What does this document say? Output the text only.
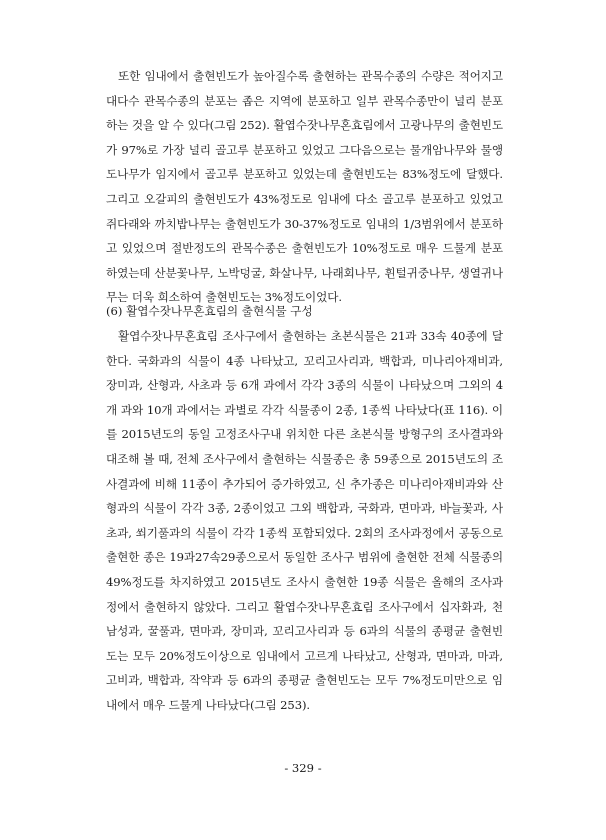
또한 임내에서 출현빈도가 높아질수록 출현하는 관목수종의 수량은 적어지고 대다수 관목수종의 분포는 좁은 지역에 분포하고 일부 관목수종만이 널리 분포하는 것을 알 수 있다(그림 252). 활엽수잣나무혼효림에서 고광나무의 출현빈도가 97%로 가장 널리 골고루 분포하고 있었고 그다음으로는 물개암나무와 물앵도나무가 임지에서 골고루 분포하고 있었는데 출현빈도는 83%정도에 달했다. 그리고 오갈피의 출현빈도가 43%정도로 임내에 다소 골고루 분포하고 있었고 쥐다래와 까치밥나무는 출현빈도가 30-37%정도로 임내의 1/3범위에서 분포하고 있었으며 절반정도의 관목수종은 출현빈도가 10%정도로 매우 드물게 분포하였는데 산분꽃나무, 노박덩굴, 화살나무, 나래회나무, 휜털귀중나무, 생열귀나무는 더욱 희소하여 출현빈도는 3%정도이었다.

(6) 활엽수잣나무혼효림의 출현식물 구성

활엽수잣나무혼효림 조사구에서 출현하는 초본식물은 21과 33속 40종에 달한다. 국화과의 식물이 4종 나타났고, 꼬리고사리과, 백합과, 미나리아재비과, 장미과, 산형과, 사초과 등 6개 과에서 각각 3종의 식물이 나타났으며 그외의 4개 과와 10개 과에서는 과별로 각각 식물종이 2종, 1종씩 나타났다(표 116). 이를 2015년도의 동일 고정조사구내 위치한 다른 초본식물 방형구의 조사결과와 대조해 볼 때, 전체 조사구에서 출현하는 식물종은 총 59종으로 2015년도의 조사결과에 비해 11종이 추가되어 증가하였고, 신 추가종은 미나리아재비과와 산형과의 식물이 각각 3종, 2종이었고 그외 백합과, 국화과, 면마과, 바늘꽃과, 사초과, 쐬기풀과의 식물이 각각 1종씩 포함되었다. 2회의 조사과정에서 공동으로 출현한 종은 19과27속29종으로서 동일한 조사구 범위에 출현한 전체 식물종의 49%정도를 차지하였고 2015년도 조사시 출현한 19종 식물은 올해의 조사과정에서 출현하지 않았다. 그리고 활엽수잣나무혼효림 조사구에서 십자화과, 천남성과, 꿀풀과, 면마과, 장미과, 꼬리고사리과 등 6과의 식물의 종평균 출현빈도는 모두 20%정도이상으로 임내에서 고르게 나타났고, 산형과, 면마과, 마과, 고비과, 백합과, 작약과 등 6과의 종평균 출현빈도는 모두 7%정도미만으로 임내에서 매우 드물게 나타났다(그림 253).

- 329 -
